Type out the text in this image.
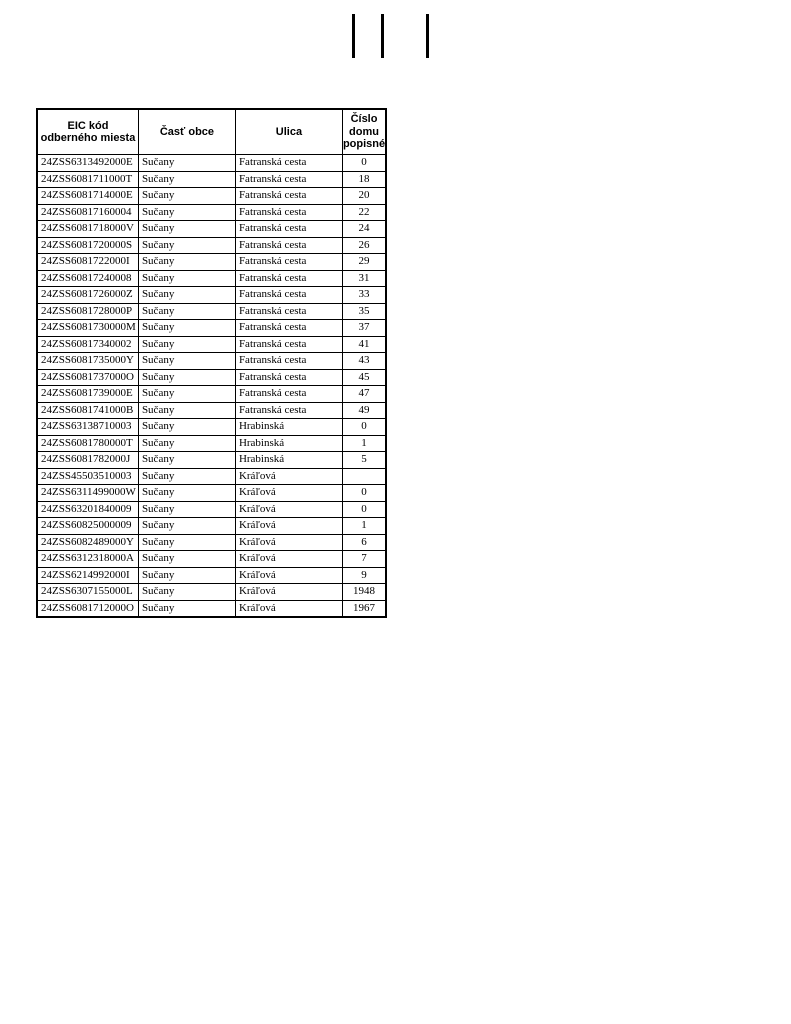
EIC kód odberného miesta	Časť obce	Ulica	Číslo domu popisné
24ZSS6313492000E	Sučany	Fatranská cesta	0
24ZSS6081711000T	Sučany	Fatranská cesta	18
24ZSS6081714000E	Sučany	Fatranská cesta	20
24ZSS60817160004	Sučany	Fatranská cesta	22
24ZSS6081718000V	Sučany	Fatranská cesta	24
24ZSS6081720000S	Sučany	Fatranská cesta	26
24ZSS6081722000I	Sučany	Fatranská cesta	29
24ZSS60817240008	Sučany	Fatranská cesta	31
24ZSS6081726000Z	Sučany	Fatranská cesta	33
24ZSS6081728000P	Sučany	Fatranská cesta	35
24ZSS6081730000M	Sučany	Fatranská cesta	37
24ZSS60817340002	Sučany	Fatranská cesta	41
24ZSS6081735000Y	Sučany	Fatranská cesta	43
24ZSS6081737000O	Sučany	Fatranská cesta	45
24ZSS6081739000E	Sučany	Fatranská cesta	47
24ZSS6081741000B	Sučany	Fatranská cesta	49
24ZSS63138710003	Sučany	Hrabinská	0
24ZSS6081780000T	Sučany	Hrabinská	1
24ZSS6081782000J	Sučany	Hrabinská	5
24ZSS45503510003	Sučany	Kráľová	
24ZSS6311499000W	Sučany	Kráľová	0
24ZSS63201840009	Sučany	Kráľová	0
24ZSS60825000009	Sučany	Kráľová	1
24ZSS6082489000Y	Sučany	Kráľová	6
24ZSS6312318000A	Sučany	Kráľová	7
24ZSS6214992000I	Sučany	Kráľová	9
24ZSS6307155000L	Sučany	Kráľová	1948
24ZSS6081712000O	Sučany	Kráľová	1967
